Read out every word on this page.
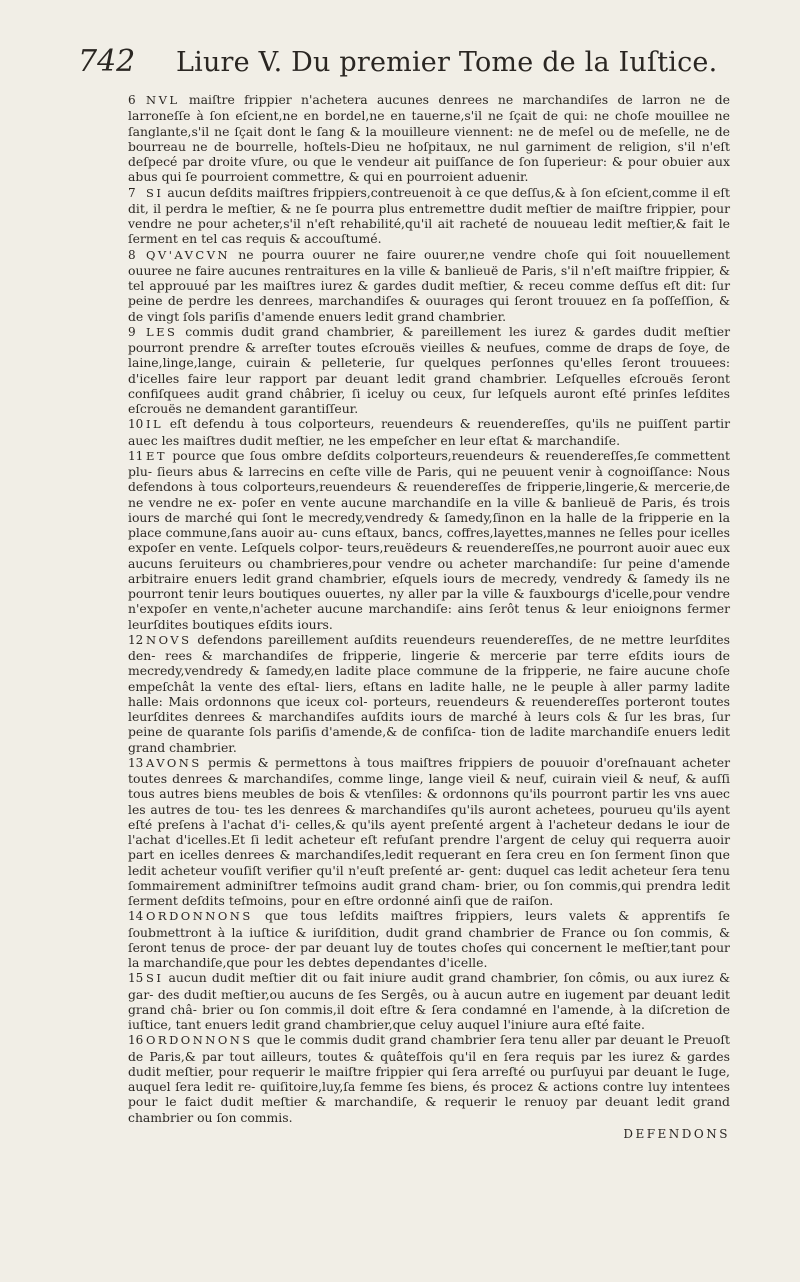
742 Liure V. Du premier Tome de la Iuſtice.

6 NVL maiſtre frippier n'achetera aucunes denrees ne marchandiſes de larron ne de larroneſſe à ſon eſcient,ne en bordel,ne en tauerne,s'il ne ſçait de qui: ne choſe mouillee ne ſanglante,s'il ne ſçait dont le ſang & la mouilleure viennent: ne de meſel ou de meſelle, ne de bourreau ne de bourrelle, hoſtels-Dieu ne hoſpitaux, ne nul garniment de religion, s'il n'eſt deſpecé par droite vſure, ou que le vendeur ait puiſſance de ſon ſuperieur: & pour obuier aux abus qui ſe pourroient commettre, & qui en pourroient aduenir.

7 SI aucun deſdits maiſtres frippiers,contreuenoit à ce que deſſus,& à ſon eſcient,comme il eſt dit, il perdra le meſtier, & ne ſe pourra plus entremettre dudit meſtier de maiſtre frippier, pour vendre ne pour acheter,s'il n'eſt rehabilité,qu'il ait racheté de nouueau ledit meſtier,& fait le ſerment en tel cas requis & accouſtumé.

8 QV'AVCVN ne pourra ouurer ne faire ouurer,ne vendre choſe qui ſoit nouuellement ouuree ne faire aucunes rentraitures en la ville & banlieuë de Paris, s'il n'eſt maiſtre frippier, & tel approuué par les maiſtres iurez & gardes dudit meſtier, & receu comme deſſus eſt dit: ſur peine de perdre les denrees, marchandiſes & ouurages qui ſeront trouuez en ſa poſſeſſion, & de vingt ſols pariſis d'amende enuers ledit grand chambrier.

9 LES commis dudit grand chambrier, & pareillement les iurez & gardes dudit meſtier pourront prendre & arreſter toutes eſcrouës vieilles & neufues, comme de draps de ſoye, de laine,linge,lange, cuirain & pelleterie, ſur quelques perſonnes qu'elles ſeront trouuees: d'icelles faire leur rapport par deuant ledit grand chambrier. Leſquelles eſcrouës ſeront confiſquees audit grand châbrier, ſi iceluy ou ceux, ſur leſquels auront eſté prinſes leſdites eſcrouës ne demandent garantiſſeur.

10 IL eſt defendu à tous colporteurs, reuendeurs & reuendereſſes, qu'ils ne puiſſent partir auec les maiſtres dudit meſtier, ne les empeſcher en leur eſtat & marchandiſe.

11 ET pource que ſous ombre deſdits colporteurs,reuendeurs & reuendereſſes,ſe commettent plu- ſieurs abus & larrecins en ceſte ville de Paris, qui ne peuuent venir à cognoiſſance: Nous defendons à tous colporteurs,reuendeurs & reuendereſſes de fripperie,lingerie,& mercerie,de ne vendre ne ex- poſer en vente aucune marchandiſe en la ville & banlieuë de Paris, és trois iours de marché qui ſont le mecredy,vendredy & ſamedy,ſinon en la halle de la fripperie en la place commune,ſans auoir au- cuns eſtaux, bancs, coffres,layettes,mannes ne ſelles pour icelles expoſer en vente. Leſquels colpor- teurs,reuëdeurs & reuendereſſes,ne pourront auoir auec eux aucuns ſeruiteurs ou chambrieres,pour vendre ou acheter marchandiſe: ſur peine d'amende arbitraire enuers ledit grand chambrier, eſquels iours de mecredy, vendredy & ſamedy ils ne pourront tenir leurs boutiques ouuertes, ny aller par la ville & fauxbourgs d'icelle,pour vendre n'expoſer en vente,n'acheter aucune marchandiſe: ains ſerôt tenus & leur enioignons fermer leurſdites boutiques eſdits iours.

12 NOVS defendons pareillement auſdits reuendeurs reuendereſſes, de ne mettre leurſdites den- rees & marchandiſes de fripperie, lingerie & mercerie par terre eſdits iours de mecredy,vendredy & ſamedy,en ladite place commune de la fripperie, ne faire aucune choſe empeſchât la vente des eſtal- liers, eſtans en ladite halle, ne le peuple à aller parmy ladite halle: Mais ordonnons que iceux col- porteurs, reuendeurs & reuendereſſes porteront toutes leurſdites denrees & marchandiſes auſdits iours de marché à leurs cols & ſur les bras, ſur peine de quarante ſols pariſis d'amende,& de confiſca- tion de ladite marchandiſe enuers ledit grand chambrier.

13 AVONS permis & permettons à tous maiſtres frippiers de pouuoir d'oreſnauant acheter toutes denrees & marchandiſes, comme linge, lange vieil & neuf, cuirain vieil & neuf, & auſſi tous autres biens meubles de bois & vtenſiles: & ordonnons qu'ils pourront partir les vns auec les autres de tou- tes les denrees & marchandiſes qu'ils auront achetees, pourueu qu'ils ayent eſté preſens à l'achat d'i- celles,& qu'ils ayent preſenté argent à l'acheteur dedans le iour de l'achat d'icelles.Et ſi ledit acheteur eſt refuſant prendre l'argent de celuy qui requerra auoir part en icelles denrees & marchandiſes,ledit requerant en ſera creu en ſon ſerment ſinon que ledit acheteur vouſiſt verifier qu'il n'euſt preſenté ar- gent: duquel cas ledit acheteur ſera tenu ſommairement adminiſtrer teſmoins audit grand cham- brier, ou ſon commis,qui prendra ledit ſerment deſdits teſmoins, pour en eſtre ordonné ainſi que de raiſon.

14 ORDONNONS que tous leſdits maiſtres frippiers, leurs valets & apprentifs ſe ſoubmettront à la iuſtice & iuriſdition, dudit grand chambrier de France ou ſon commis, & ſeront tenus de proce- der par deuant luy de toutes choſes qui concernent le meſtier,tant pour la marchandiſe,que pour les debtes dependantes d'icelle.

15 SI aucun dudit meſtier dit ou fait iniure audit grand chambrier, ſon cômis, ou aux iurez & gar- des dudit meſtier,ou aucuns de ſes Sergês, ou à aucun autre en iugement par deuant ledit grand châ- brier ou ſon commis,il doit eſtre & ſera condamné en l'amende, à la diſcretion de iuſtice, tant enuers ledit grand chambrier,que celuy auquel l'iniure aura eſté faite.

16 ORDONNONS que le commis dudit grand chambrier ſera tenu aller par deuant le Preuoſt de Paris,& par tout ailleurs, toutes & quâteſfois qu'il en ſera requis par les iurez & gardes dudit meſtier, pour requerir le maiſtre frippier qui ſera arreſté ou purſuyui par deuant le Iuge, auquel ſera ledit re- quiſitoire,luy,ſa femme ſes biens, és procez & actions contre luy intentees pour le faict dudit meſtier & marchandiſe, & requerir le renuoy par deuant ledit grand chambrier ou ſon commis.

DEFENDONS
